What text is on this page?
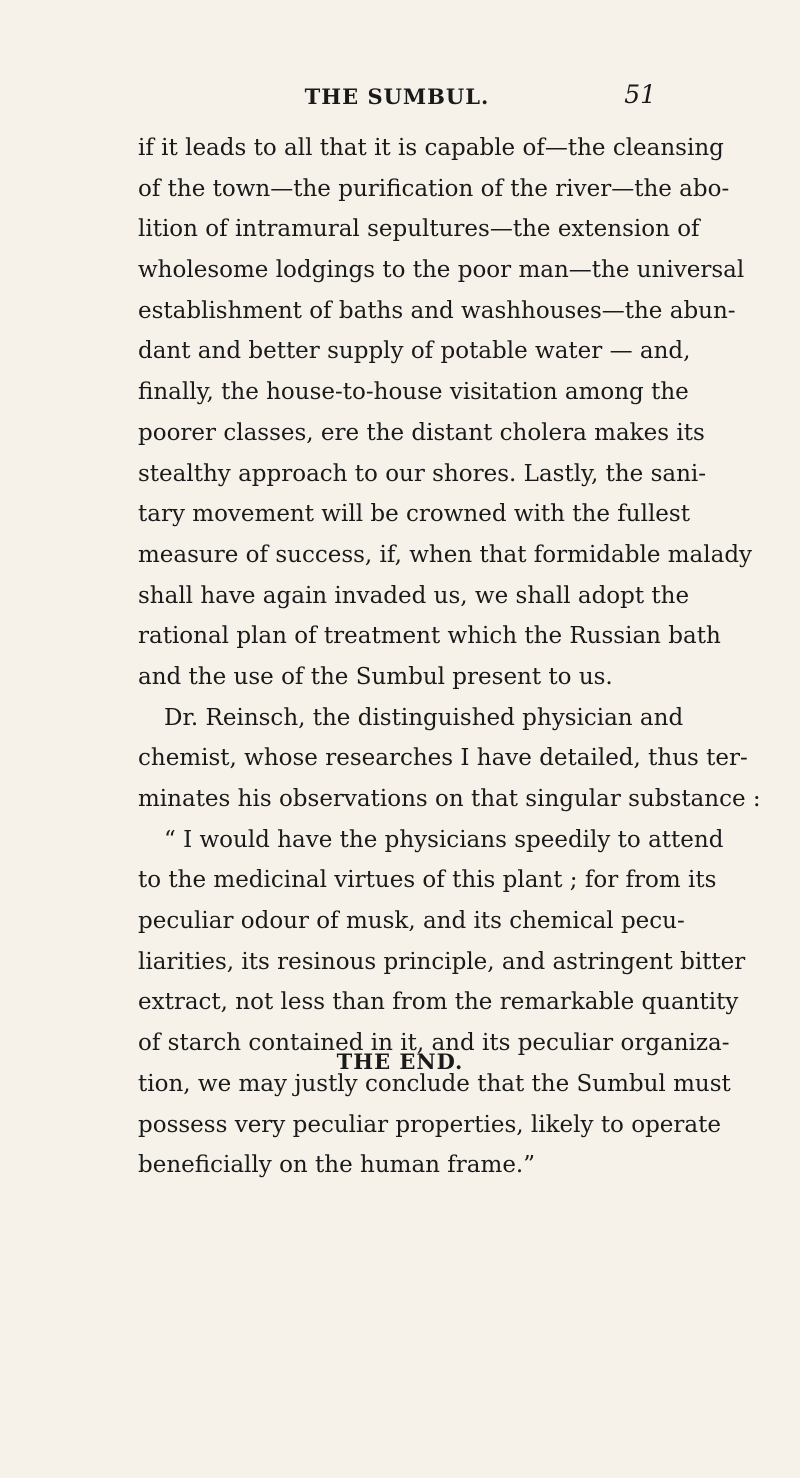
THE SUMBUL.	51
if it leads to all that it is capable of—the cleansing
of the town—the purification of the river—the abo-
lition of intramural sepultures—the extension of
wholesome lodgings to the poor man—the universal
establishment of baths and washhouses—the abun-
dant and better supply of potable water — and,
finally, the house-to-house visitation among the
poorer classes, ere the distant cholera makes its
stealthy approach to our shores. Lastly, the sani-
tary movement will be crowned with the fullest
measure of success, if, when that formidable malady
shall have again invaded us, we shall adopt the
rational plan of treatment which the Russian bath
and the use of the Sumbul present to us.
Dr. Reinsch, the distinguished physician and
chemist, whose researches I have detailed, thus ter-
minates his observations on that singular substance :
“ I would have the physicians speedily to attend
to the medicinal virtues of this plant ; for from its
peculiar odour of musk, and its chemical pecu-
liarities, its resinous principle, and astringent bitter
extract, not less than from the remarkable quantity
of starch contained in it, and its peculiar organiza-
tion, we may justly conclude that the Sumbul must
possess very peculiar properties, likely to operate
beneficially on the human frame.”
THE END.
